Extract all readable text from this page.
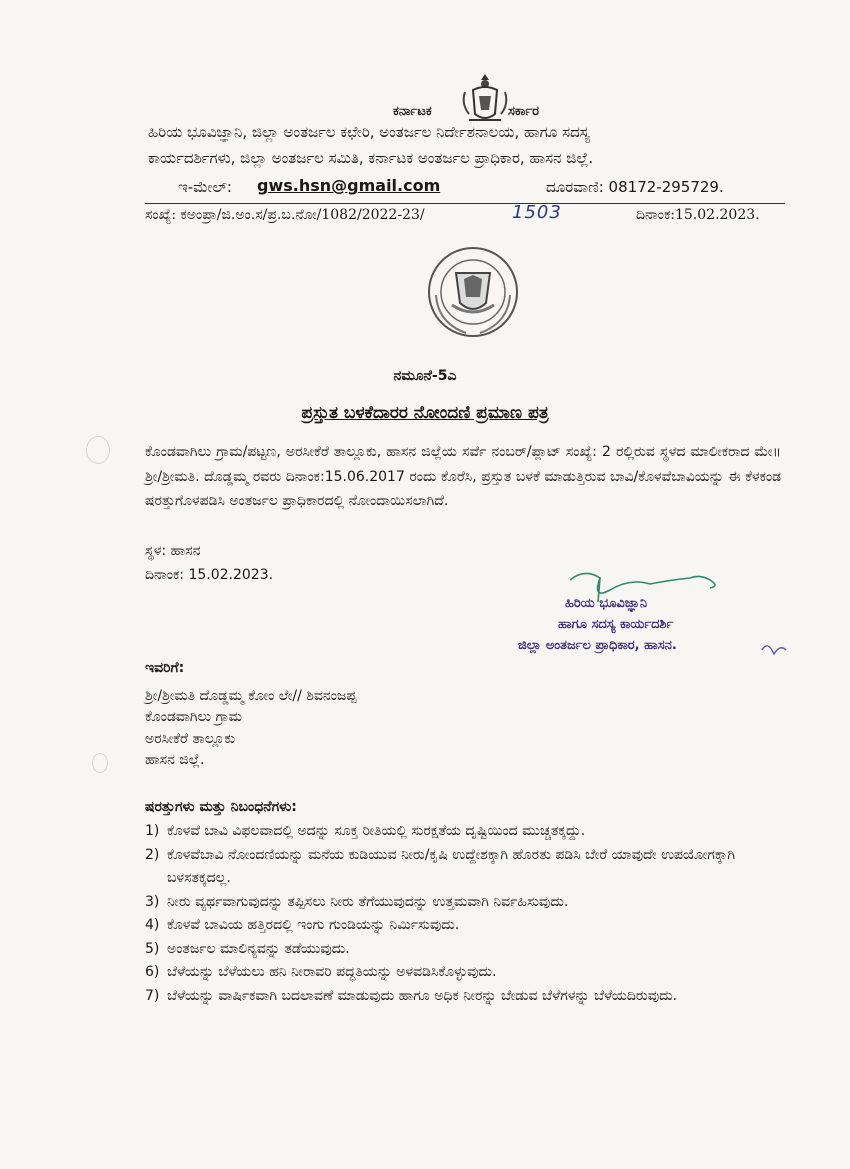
ಕರ್ನಾಟಕ	ಸರ್ಕಾರ
ಹಿರಿಯ ಭೂವಿಜ್ಞಾನಿ, ಜಿಲ್ಲಾ ಅಂತರ್ಜಲ ಕಛೇರಿ, ಅಂತರ್ಜಲ ನಿರ್ದೇಶನಾಲಯ, ಹಾಗೂ ಸದಸ್ಯ
ಕಾರ್ಯದರ್ಶಿಗಳು, ಜಿಲ್ಲಾ ಅಂತರ್ಜಲ ಸಮಿತಿ, ಕರ್ನಾಟಕ ಅಂತರ್ಜಲ ಪ್ರಾಧಿಕಾರ, ಹಾಸನ ಜಿಲ್ಲೆ.
ಇ-ಮೇಲ್: gws.hsn@gmail.com	ದೂರವಾಣಿ: 08172-295729.
ಸಂಖ್ಯೆ: ಕಅಂಪ್ರಾ/ಜಿ.ಅಂ.ಸ/ಪ್ರ.ಬ.ನೋ/1082/2022-23/	1503	ದಿನಾಂಕ:15.02.2023.
ನಮೂನೆ-5ಎ
ಪ್ರಸ್ತುತ ಬಳಕೆದಾರರ ನೋಂದಣಿ ಪ್ರಮಾಣ ಪತ್ರ
ಕೊಂಡವಾಗಿಲು ಗ್ರಾಮ/ಪಟ್ಟಣ, ಅರಸೀಕೆರೆ ತಾಲ್ಲೂಕು, ಹಾಸನ ಜಿಲ್ಲೆಯ ಸರ್ವೆ ನಂಬರ್/ಪ್ಲಾಟ್ ಸಂಖ್ಯೆ: 2 ರಲ್ಲಿರುವ ಸ್ಥಳದ ಮಾಲೀಕರಾದ ಮೇ॥ ಶ್ರೀ/ಶ್ರೀಮತಿ. ದೊಡ್ಡಮ್ಮ ರವರು ದಿನಾಂಕ:15.06.2017 ರಂದು ಕೊರೆಸಿ, ಪ್ರಸ್ತುತ ಬಳಕೆ ಮಾಡುತ್ತಿರುವ ಬಾವಿ/ಕೊಳವೆಬಾವಿಯನ್ನು ಈ ಕೆಳಕಂಡ ಷರತ್ತುಗೊಳಪಡಿಸಿ ಅಂತರ್ಜಲ ಪ್ರಾಧಿಕಾರದಲ್ಲಿ ನೋಂದಾಯಿಸಲಾಗಿದೆ.
ಸ್ಥಳ: ಹಾಸನ
ದಿನಾಂಕ: 15.02.2023.
ಹಿರಿಯ ಭೂವಿಜ್ಞಾನಿ
ಹಾಗೂ ಸದಸ್ಯ ಕಾರ್ಯದರ್ಶಿ
ಜಿಲ್ಲಾ ಅಂತರ್ಜಲ ಪ್ರಾಧಿಕಾರ, ಹಾಸನ.
ಇವರಿಗೆ:
ಶ್ರೀ/ಶ್ರೀಮತಿ ದೊಡ್ಡಮ್ಮ ಕೋಂ ಲೇ// ಶಿವನಂಜಪ್ಪ
ಕೊಂಡವಾಗಿಲು ಗ್ರಾಮ
ಅರಸೀಕೆರೆ ತಾಲ್ಲೂಕು
ಹಾಸನ ಜಿಲ್ಲೆ.
ಷರತ್ತುಗಳು ಮತ್ತು ನಿಬಂಧನೆಗಳು:
1) ಕೊಳವೆ ಬಾವಿ ವಿಫಲವಾದಲ್ಲಿ ಅದನ್ನು ಸೂಕ್ತ ರೀತಿಯಲ್ಲಿ ಸುರಕ್ಷತೆಯ ದೃಷ್ಟಿಯಿಂದ ಮುಚ್ಚತಕ್ಕದ್ದು.
2) ಕೊಳವೆಬಾವಿ ನೋಂದಣಿಯನ್ನು ಮನೆಯ ಕುಡಿಯುವ ನೀರು/ಕೃಷಿ ಉದ್ದೇಶಕ್ಕಾಗಿ ಹೊರತು ಪಡಿಸಿ ಬೇರೆ ಯಾವುದೇ ಉಪಯೋಗಕ್ಕಾಗಿ ಬಳಸತಕ್ಕದಲ್ಲ.
3) ನೀರು ವ್ಯರ್ಥವಾಗುವುದನ್ನು ತಪ್ಪಿಸಲು ನೀರು ತೆಗೆಯುವುದನ್ನು ಉತ್ತಮವಾಗಿ ನಿರ್ವಹಿಸುವುದು.
4) ಕೊಳವೆ ಬಾವಿಯ ಹತ್ತಿರದಲ್ಲಿ ಇಂಗು ಗುಂಡಿಯನ್ನು ನಿರ್ಮಿಸುವುದು.
5) ಅಂತರ್ಜಲ ಮಾಲಿನ್ಯವನ್ನು ತಡೆಯುವುದು.
6) ಬೆಳೆಯನ್ನು ಬೆಳೆಯಲು ಹನಿ ನೀರಾವರಿ ಪದ್ಧತಿಯನ್ನು ಅಳವಡಿಸಿಕೊಳ್ಳುವುದು.
7) ಬೆಳೆಯನ್ನು ವಾರ್ಷಿಕವಾಗಿ ಬದಲಾವಣೆ ಮಾಡುವುದು ಹಾಗೂ ಅಧಿಕ ನೀರನ್ನು ಬೇಡುವ ಬೆಳೆಗಳನ್ನು ಬೆಳೆಯದಿರುವುದು.
